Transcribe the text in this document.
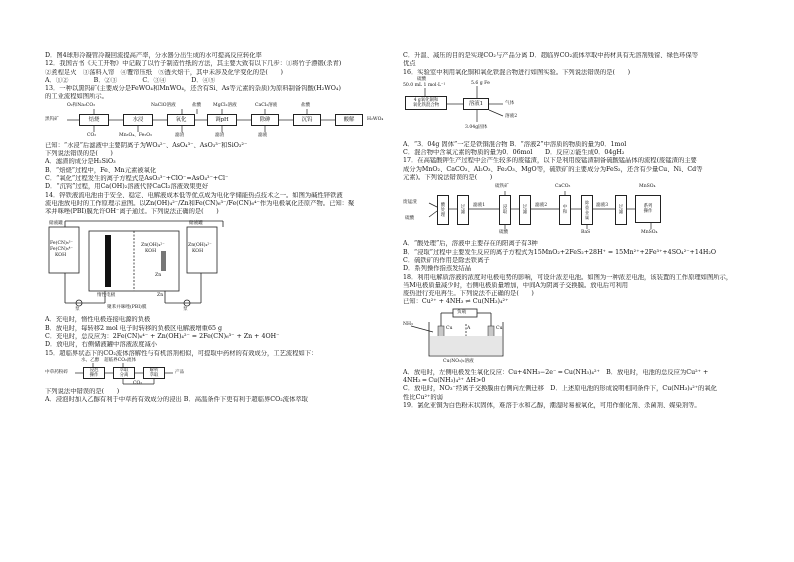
D．图4球形冷凝管冷凝回流提高产率，分水器分出生成的水可提高反应转化率
12．我国古书《天工开物》中记载了以竹子制造竹纸的方法，其主要大致有以下几步：①将竹子漂锻(杀青)
②煮楻足火　③荡料入帘　④覆帘压纸　⑤透火焙干，其中未涉及化学变化的是(　　)
A．①②　　　　B．②③　　　　C．③④　　　　D．④⑤
13．一种以黑钨矿(主要成分是FeWO₄和MnWO₄，还含有Si、As等元素的杂质)为原料制备钨酸(H₂WO₄)
的工业流程如图所示。
O₂和Na₂CO₃	NaClO溶液	盐酸	MgCl₂溶液	CaCl₂溶液	盐酸
黑钨矿	焙烧	水浸	氧化	调pH	除砷	沉钨	酸解	H₂WO₄
CO₂	Mn₃O₄、Fe₂O₃	滤渣	滤渣	滤液
已知：“水浸”后滤液中主要阴离子为WO₄²⁻、AsO₄³⁻、AsO₃³⁻和SiO₃²⁻
下列说法错误的是(　　)
A．滤渣的成分是H₂SiO₃
B．“焙烧”过程中，Fe、Mn元素被氧化
C．“氧化”过程发生的离子方程式是AsO₃³⁻+ClO⁻=AsO₄³⁻+Cl⁻
D．“沉钨”过程，用Ca(OH)₂溶液代替CaCl₂溶液效果更好
14．锌铁液流电池由于安全、稳定、电解液成本低等优点成为电化学储能热点技术之一。如图为碱性锌铁液
流电池放电时的工作原理示意图。以Zn(OH)₄²⁻/Zn和Fe(CN)₆³⁻/Fe(CN)₆⁴⁻作为电极氧化还原产物。已知：聚
苯并咪唑(PBI)膜允许OH⁻离子通过。下列说法正确的是(　　)
储液罐	储液罐
Fe(CN)₆³⁻
Fe(CN)₆⁴⁻
KOH
Zn(OH)₄²⁻
KOH
Zn(OH)₄²⁻
KOH
Zn
惰性电极	Zn
聚苯并咪唑(PBI)膜
泵	泵
A．充电时，惰性电极连接电源的负极
B．放电时，每转移2 mol 电子时转移的负极区电解液增重65 g
C．充电时，总反应为：2Fe(CN)₆⁴⁻ + Zn(OH)₄²⁻ = 2Fe(CN)₆³⁻ + Zn + 4OH⁻
D．放电时，右侧储液罐中溶液浓度减小
15．超临界状态下的CO₂流体溶解性与有机溶剂相似，可提取中药材的有效成分，工艺流程如下：
水、乙醇　超临界CO₂流体
中草药粉碎	浸泡
操作
萃取
分离
解析
萃取
产品
CO₂
下列说法中错误的是(　　)
A．浸泡时加入乙醇有利于中草药有效成分的浸出 B．高温条件下更有利于超临界CO₂流体萃取
C．升温、减压的目的是实现CO₂与产品分离 D．超临界CO₂流体萃取中药材具有无溶剂残留、绿色环保等
优点
16．实验室中利用氧化铜和氧化铁混合物进行如图实验。下列说法错误的是(　　)
硫酸
50.0 mL 1 mol·L⁻¹
4 g氧化铜和
氧化铁混合物
5.6 g Fe
溶液1	气体
溶液2
3.04g固体
A．“3．04g 固体”一定是铁铜混合物 B．“溶液2”中溶质的物质的量为0．1mol
C．混合物中含氧元素的物质的量为0．06mol　　D．反应②能生成0．04gH₂
17．在高锰酸钾生产过程中会产生较多的废锰渣，以下是利用废锰渣制备硫酸锰晶体的流程(废锰渣的主要
成分为MnO₂、CaCO₃、Al₂O₃、Fe₂O₃、MgO等，硫铁矿的主要成分为FeS₂，还含有少量Cu、Ni、Cd等
元素)。下列说法错误的是(　　)
废锰渣
硫酸
硫铁矿	CaCO₃	MnSO₄
酸
处
理
过
滤
浸
取
过
滤
中
和
除
重
金
属
过
滤
系列
操作
滤液1	滤液2	滤液3
硫酸	BaS	MnSO₄
A．“酸处理”后，溶液中主要存在的阳离子有3种
B．“浸取”过程中主要发生反应的离子方程式为15MnO₂+2FeS₂+28H⁺ = 15Mn²⁺+2Fe³⁺+4SO₄²⁻+14H₂O
C．硫铁矿的作用是除去铁离子
D．系列操作指蒸发结晶
18．利用电解质溶液的浓度对电极电势的影响，可设计浓差电池。如图为一种浓差电池，该装置的工作原理如图所示，
当M电极质量减少时，右侧电极质量增加，中间A为阴离子交换膜。放电后可利用
废热进行充电再生。下列说法不正确的是(　　)
已知：Cu²⁺ + 4NH₃ ⇌ Cu(NH₃)₄²⁺
负载
NH₃
Cu	A	Cu
Cu(NO₃)₂溶液
A．放电时，左侧电极发生氧化反应：Cu+4NH₃−2e⁻ ═ Cu(NH₃)₄²⁺　B．放电时，电池的总反应为Cu²⁺ +
4NH₃ ═ Cu(NH₃)₄²⁺ ΔH>0
C．放电时，NO₃⁻经离子交换膜由右侧向左侧迁移　D．上述原电池的形成说明相同条件下，Cu(NH₃)₄²⁺的氧化
性比Cu²⁺的弱
19．氯化亚铜为白色粉末状固体，难溶于水和乙醇，潮湿时易被氧化，可用作催化剂、杀菌剂、媒染剂等。
